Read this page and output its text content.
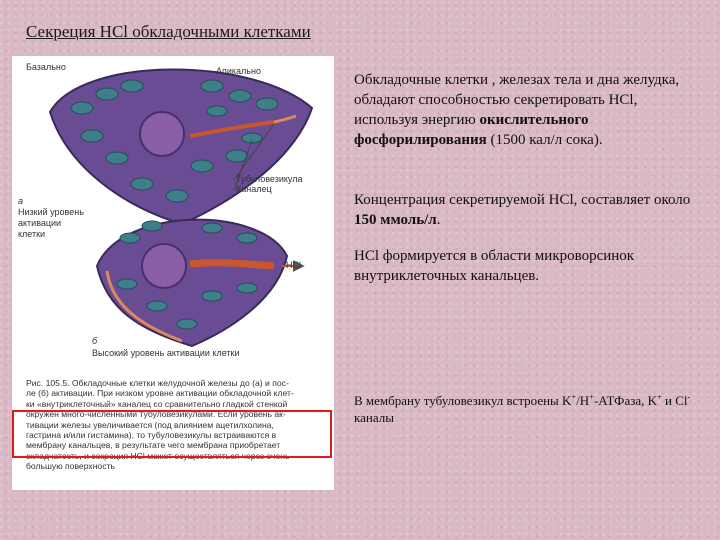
Секреция HCl обкладочными клетками
Базально	Апикально
Тубуловезикула
Каналец
HCl
а
Низкий уровень
активации
клетки
б
Высокий уровень активации клетки
Рис. 105.5. Обкладочные клетки желудочной железы до (а) и пос-
ле (б) активации. При низком уровне активации обкладочной клет-
ки «внутриклеточный» каналец со сравнительно гладкой стенкой
окружен много-численными тубуловезикулами. Если уровень ак-
тивации железы увеличивается (под влиянием ацетилхолина,
гастрина и/или гистамина), то тубуловезикулы встраиваются в
мембрану канальцев, в результате чего мембрана приобретает
складчатость, и секреция HCl может осуществляться через очень
большую поверхность
Обкладочные клетки , железах тела и дна желудка, обладают способностью секретировать HCl, используя энергию окислительного фосфорилирования (1500 кал/л сока).
Концентрация секретируемой HCl, составляет около 150 ммоль/л.
HCl формируется в области микроворсинок внутриклеточных канальцев.
В мембрану тубуловезикул встроены K+/H+-АТФаза, K+ и Cl- каналы
